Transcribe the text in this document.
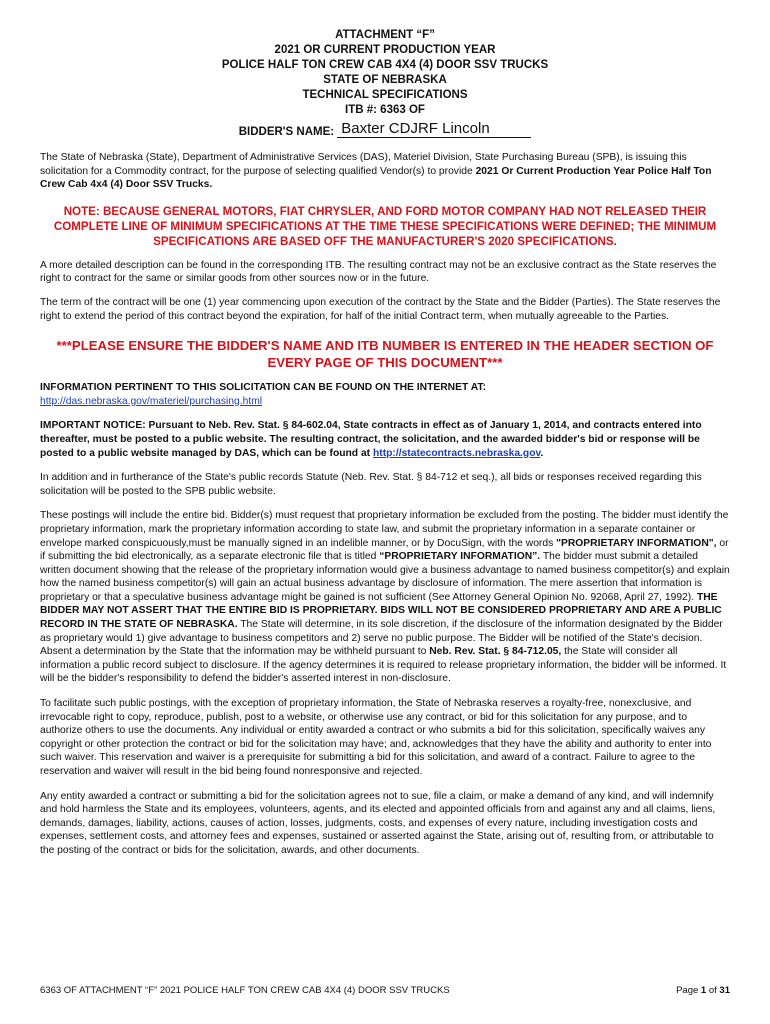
ATTACHMENT “F”
2021 OR CURRENT PRODUCTION YEAR
POLICE HALF TON CREW CAB 4X4 (4) DOOR SSV TRUCKS
STATE OF NEBRASKA
TECHNICAL SPECIFICATIONS
ITB #: 6363 OF
BIDDER'S NAME: Baxter CDJRF Lincoln

The State of Nebraska (State), Department of Administrative Services (DAS), Materiel Division, State Purchasing Bureau (SPB), is issuing this solicitation for a Commodity contract, for the purpose of selecting qualified Vendor(s) to provide 2021 Or Current Production Year Police Half Ton Crew Cab 4x4 (4) Door SSV Trucks.

NOTE: BECAUSE GENERAL MOTORS, FIAT CHRYSLER, AND FORD MOTOR COMPANY HAD NOT RELEASED THEIR COMPLETE LINE OF MINIMUM SPECIFICATIONS AT THE TIME THESE SPECIFICATIONS WERE DEFINED; THE MINIMUM SPECIFICATIONS ARE BASED OFF THE MANUFACTURER'S 2020 SPECIFICATIONS.

A more detailed description can be found in the corresponding ITB. The resulting contract may not be an exclusive contract as the State reserves the right to contract for the same or similar goods from other sources now or in the future.

The term of the contract will be one (1) year commencing upon execution of the contract by the State and the Bidder (Parties). The State reserves the right to extend the period of this contract beyond the expiration, for half of the initial Contract term, when mutually agreeable to the Parties.

***PLEASE ENSURE THE BIDDER'S NAME AND ITB NUMBER IS ENTERED IN THE HEADER SECTION OF EVERY PAGE OF THIS DOCUMENT***

INFORMATION PERTINENT TO THIS SOLICITATION CAN BE FOUND ON THE INTERNET AT:
http://das.nebraska.gov/materiel/purchasing.html

IMPORTANT NOTICE: Pursuant to Neb. Rev. Stat. § 84-602.04, State contracts in effect as of January 1, 2014, and contracts entered into thereafter, must be posted to a public website. The resulting contract, the solicitation, and the awarded bidder's bid or response will be posted to a public website managed by DAS, which can be found at http://statecontracts.nebraska.gov.

In addition and in furtherance of the State's public records Statute (Neb. Rev. Stat. § 84-712 et seq.), all bids or responses received regarding this solicitation will be posted to the SPB public website.

These postings will include the entire bid. Bidder(s) must request that proprietary information be excluded from the posting. The bidder must identify the proprietary information, mark the proprietary information according to state law, and submit the proprietary information in a separate container or envelope marked conspicuously,must be manually signed in an indelible manner, or by DocuSign, with the words "PROPRIETARY INFORMATION", or if submitting the bid electronically, as a separate electronic file that is titled “PROPRIETARY INFORMATION”. The bidder must submit a detailed written document showing that the release of the proprietary information would give a business advantage to named business competitor(s) and explain how the named business competitor(s) will gain an actual business advantage by disclosure of information. The mere assertion that information is proprietary or that a speculative business advantage might be gained is not sufficient (See Attorney General Opinion No. 92068, April 27, 1992). THE BIDDER MAY NOT ASSERT THAT THE ENTIRE BID IS PROPRIETARY. BIDS WILL NOT BE CONSIDERED PROPRIETARY AND ARE A PUBLIC RECORD IN THE STATE OF NEBRASKA. The State will determine, in its sole discretion, if the disclosure of the information designated by the Bidder as proprietary would 1) give advantage to business competitors and 2) serve no public purpose. The Bidder will be notified of the State's decision. Absent a determination by the State that the information may be withheld pursuant to Neb. Rev. Stat. § 84-712.05, the State will consider all information a public record subject to disclosure. If the agency determines it is required to release proprietary information, the bidder will be informed. It will be the bidder's responsibility to defend the bidder's asserted interest in non-disclosure.

To facilitate such public postings, with the exception of proprietary information, the State of Nebraska reserves a royalty-free, nonexclusive, and irrevocable right to copy, reproduce, publish, post to a website, or otherwise use any contract, or bid for this solicitation for any purpose, and to authorize others to use the documents. Any individual or entity awarded a contract or who submits a bid for this solicitation, specifically waives any copyright or other protection the contract or bid for the solicitation may have; and, acknowledges that they have the ability and authority to enter into such waiver. This reservation and waiver is a prerequisite for submitting a bid for this solicitation, and award of a contract. Failure to agree to the reservation and waiver will result in the bid being found nonresponsive and rejected.

Any entity awarded a contract or submitting a bid for the solicitation agrees not to sue, file a claim, or make a demand of any kind, and will indemnify and hold harmless the State and its employees, volunteers, agents, and its elected and appointed officials from and against any and all claims, liens, demands, damages, liability, actions, causes of action, losses, judgments, costs, and expenses of every nature, including investigation costs and expenses, settlement costs, and attorney fees and expenses, sustained or asserted against the State, arising out of, resulting from, or attributable to the posting of the contract or bids for the solicitation, awards, and other documents.

6363 OF ATTACHMENT “F” 2021 POLICE HALF TON CREW CAB 4X4 (4) DOOR SSV TRUCKS	Page 1 of 31
